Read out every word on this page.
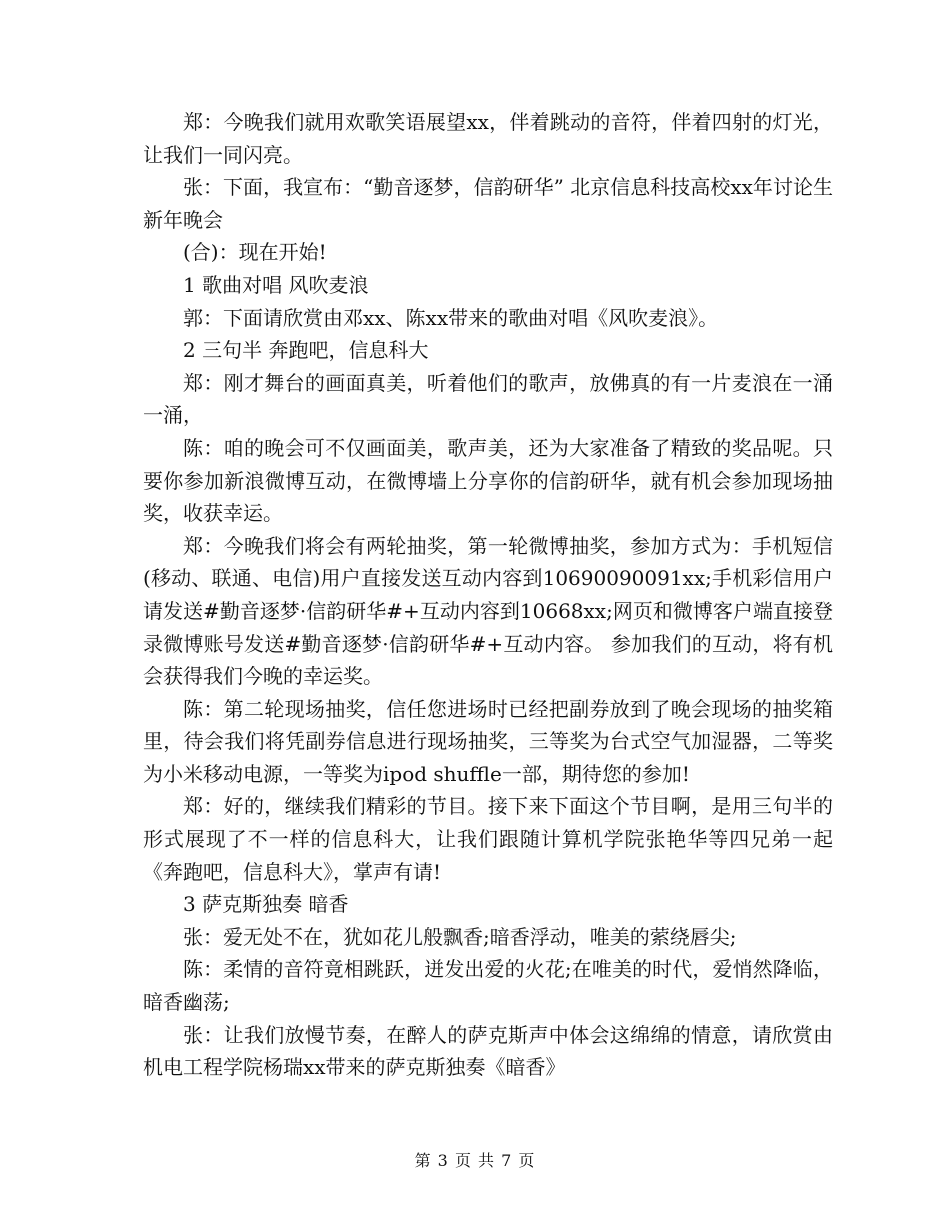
郑：今晚我们就用欢歌笑语展望xx，伴着跳动的音符，伴着四射的灯光，让我们一同闪亮。

张：下面，我宣布：“勤音逐梦，信韵研华” 北京信息科技高校xx年讨论生新年晚会

(合)：现在开始!

1 歌曲对唱 风吹麦浪

郭：下面请欣赏由邓xx、陈xx带来的歌曲对唱《风吹麦浪》。

2 三句半 奔跑吧，信息科大

郑：刚才舞台的画面真美，听着他们的歌声，放佛真的有一片麦浪在一涌一涌，

陈：咱的晚会可不仅画面美，歌声美，还为大家准备了精致的奖品呢。只要你参加新浪微博互动，在微博墙上分享你的信韵研华，就有机会参加现场抽奖，收获幸运。

郑：今晚我们将会有两轮抽奖，第一轮微博抽奖，参加方式为：手机短信(移动、联通、电信)用户直接发送互动内容到10690090091xx;手机彩信用户请发送#勤音逐梦·信韵研华#+互动内容到10668xx;网页和微博客户端直接登录微博账号发送#勤音逐梦·信韵研华#+互动内容。 参加我们的互动，将有机会获得我们今晚的幸运奖。

陈：第二轮现场抽奖，信任您进场时已经把副券放到了晚会现场的抽奖箱里，待会我们将凭副券信息进行现场抽奖，三等奖为台式空气加湿器，二等奖为小米移动电源，一等奖为ipod shuffle一部，期待您的参加!

郑：好的，继续我们精彩的节目。接下来下面这个节目啊，是用三句半的形式展现了不一样的信息科大，让我们跟随计算机学院张艳华等四兄弟一起《奔跑吧，信息科大》，掌声有请!

3 萨克斯独奏 暗香

张：爱无处不在，犹如花儿般飘香;暗香浮动，唯美的萦绕唇尖;

陈：柔情的音符竟相跳跃，迸发出爱的火花;在唯美的时代，爱悄然降临，暗香幽荡;

张：让我们放慢节奏，在醉人的萨克斯声中体会这绵绵的情意，请欣赏由机电工程学院杨瑞xx带来的萨克斯独奏《暗香》

第 3 页 共 7 页
